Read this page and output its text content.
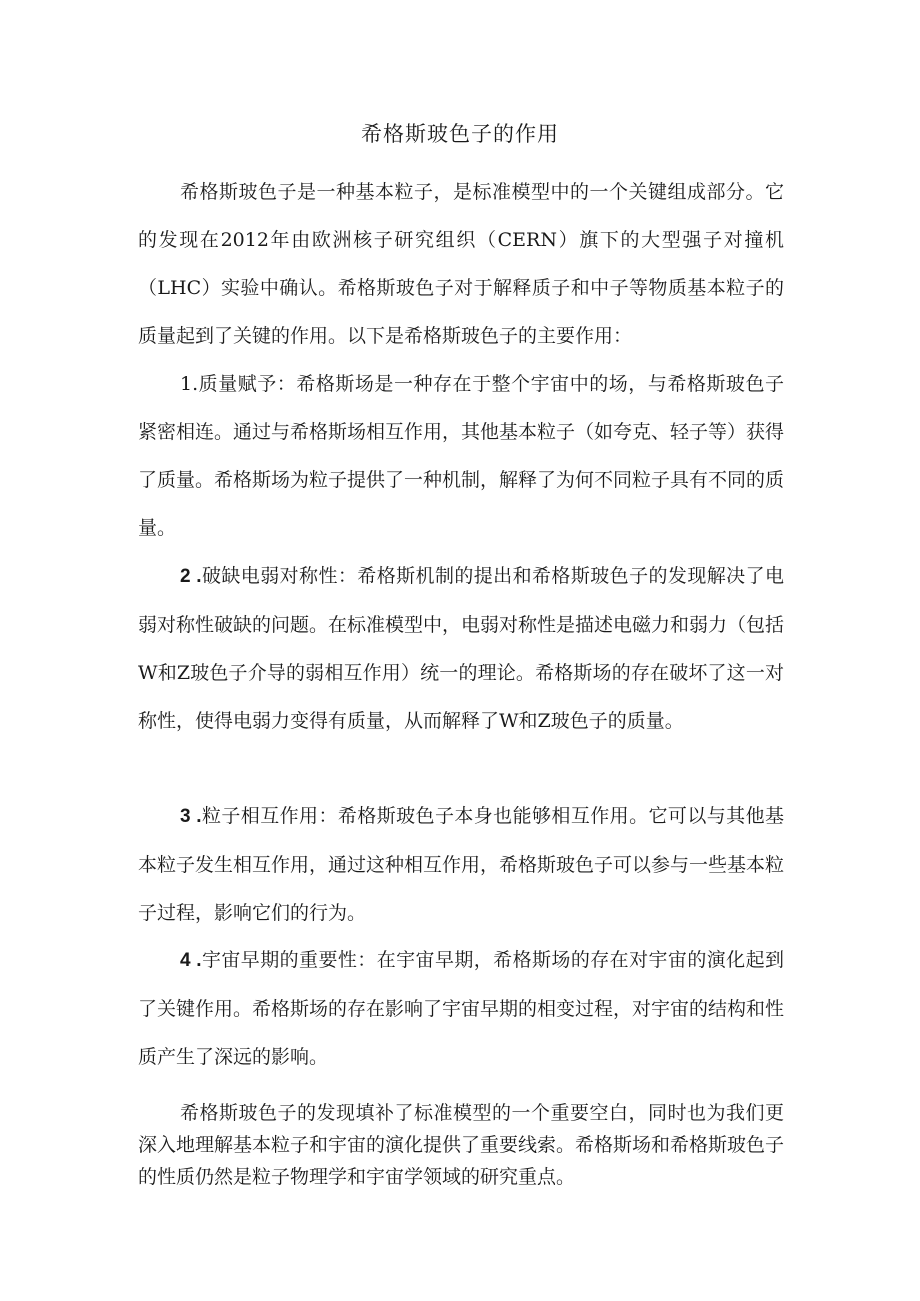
希格斯玻色子的作用

希格斯玻色子是一种基本粒子，是标准模型中的一个关键组成部分。它的发现在2012年由欧洲核子研究组织（CERN）旗下的大型强子对撞机（LHC）实验中确认。希格斯玻色子对于解释质子和中子等物质基本粒子的质量起到了关键的作用。以下是希格斯玻色子的主要作用：

1.质量赋予：希格斯场是一种存在于整个宇宙中的场，与希格斯玻色子紧密相连。通过与希格斯场相互作用，其他基本粒子（如夸克、轻子等）获得了质量。希格斯场为粒子提供了一种机制，解释了为何不同粒子具有不同的质量。

2 .破缺电弱对称性：希格斯机制的提出和希格斯玻色子的发现解决了电弱对称性破缺的问题。在标准模型中，电弱对称性是描述电磁力和弱力（包括W和Z玻色子介导的弱相互作用）统一的理论。希格斯场的存在破坏了这一对称性，使得电弱力变得有质量，从而解释了W和Z玻色子的质量。

3 .粒子相互作用：希格斯玻色子本身也能够相互作用。它可以与其他基本粒子发生相互作用，通过这种相互作用，希格斯玻色子可以参与一些基本粒子过程，影响它们的行为。

4 .宇宙早期的重要性：在宇宙早期，希格斯场的存在对宇宙的演化起到了关键作用。希格斯场的存在影响了宇宙早期的相变过程，对宇宙的结构和性质产生了深远的影响。

希格斯玻色子的发现填补了标准模型的一个重要空白，同时也为我们更深入地理解基本粒子和宇宙的演化提供了重要线索。希格斯场和希格斯玻色子的性质仍然是粒子物理学和宇宙学领域的研究重点。
